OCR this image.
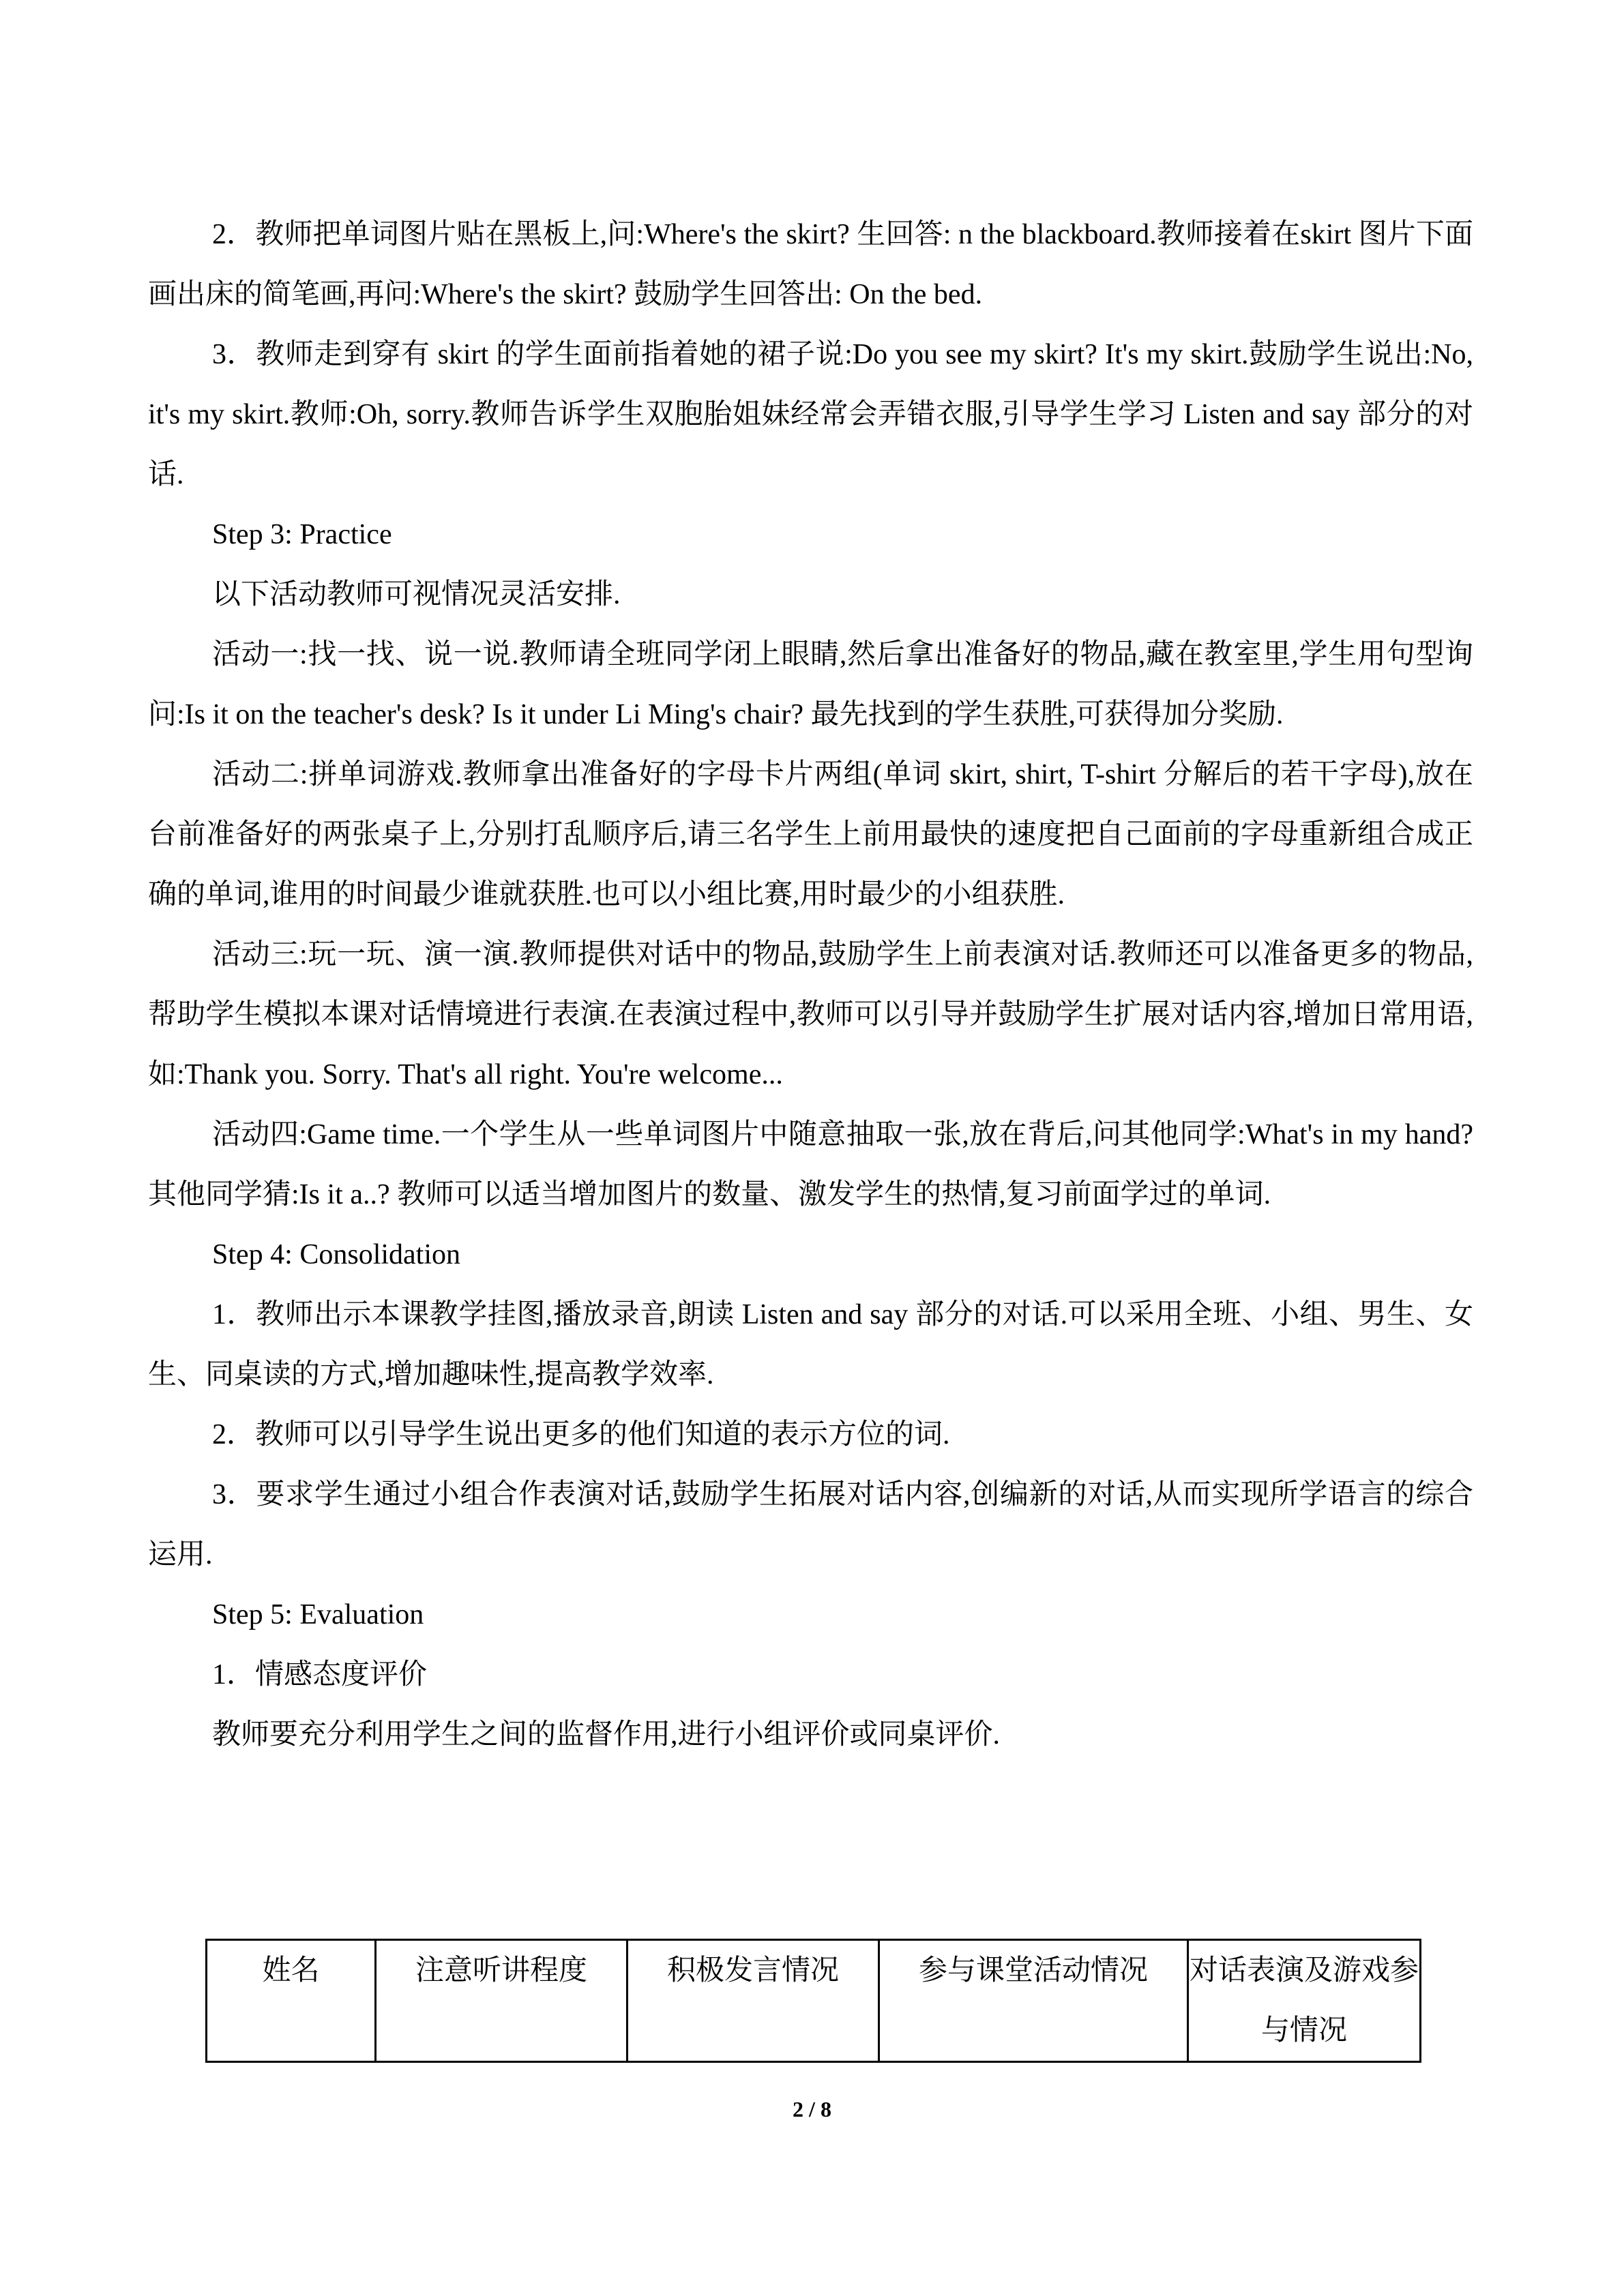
2．教师把单词图片贴在黑板上,问:Where's the skirt? 生回答: n the blackboard.教师接着在skirt 图片下面画出床的简笔画,再问:Where's the skirt? 鼓励学生回答出: On the bed.

3．教师走到穿有 skirt 的学生面前指着她的裙子说:Do you see my skirt? It's my skirt.鼓励学生说出:No, it's my skirt.教师:Oh, sorry.教师告诉学生双胞胎姐妹经常会弄错衣服,引导学生学习 Listen and say 部分的对话.

Step 3: Practice

以下活动教师可视情况灵活安排.

活动一:找一找、说一说.教师请全班同学闭上眼睛,然后拿出准备好的物品,藏在教室里,学生用句型询问:Is it on the teacher's desk? Is it under Li Ming's chair? 最先找到的学生获胜,可获得加分奖励.

活动二:拼单词游戏.教师拿出准备好的字母卡片两组(单词 skirt, shirt, T-shirt 分解后的若干字母),放在台前准备好的两张桌子上,分别打乱顺序后,请三名学生上前用最快的速度把自己面前的字母重新组合成正确的单词,谁用的时间最少谁就获胜.也可以小组比赛,用时最少的小组获胜.

活动三:玩一玩、演一演.教师提供对话中的物品,鼓励学生上前表演对话.教师还可以准备更多的物品,帮助学生模拟本课对话情境进行表演.在表演过程中,教师可以引导并鼓励学生扩展对话内容,增加日常用语,如:Thank you. Sorry. That's all right. You're welcome...

活动四:Game time.一个学生从一些单词图片中随意抽取一张,放在背后,问其他同学:What's in my hand? 其他同学猜:Is it a..? 教师可以适当增加图片的数量、激发学生的热情,复习前面学过的单词.

Step 4: Consolidation

1．教师出示本课教学挂图,播放录音,朗读 Listen and say 部分的对话.可以采用全班、小组、男生、女生、同桌读的方式,增加趣味性,提高教学效率.

2．教师可以引导学生说出更多的他们知道的表示方位的词.

3．要求学生通过小组合作表演对话,鼓励学生拓展对话内容,创编新的对话,从而实现所学语言的综合运用.

Step 5: Evaluation

1．情感态度评价

教师要充分利用学生之间的监督作用,进行小组评价或同桌评价.

姓名	注意听讲程度	积极发言情况	参与课堂活动情况	对话表演及游戏参与情况
2 / 8
